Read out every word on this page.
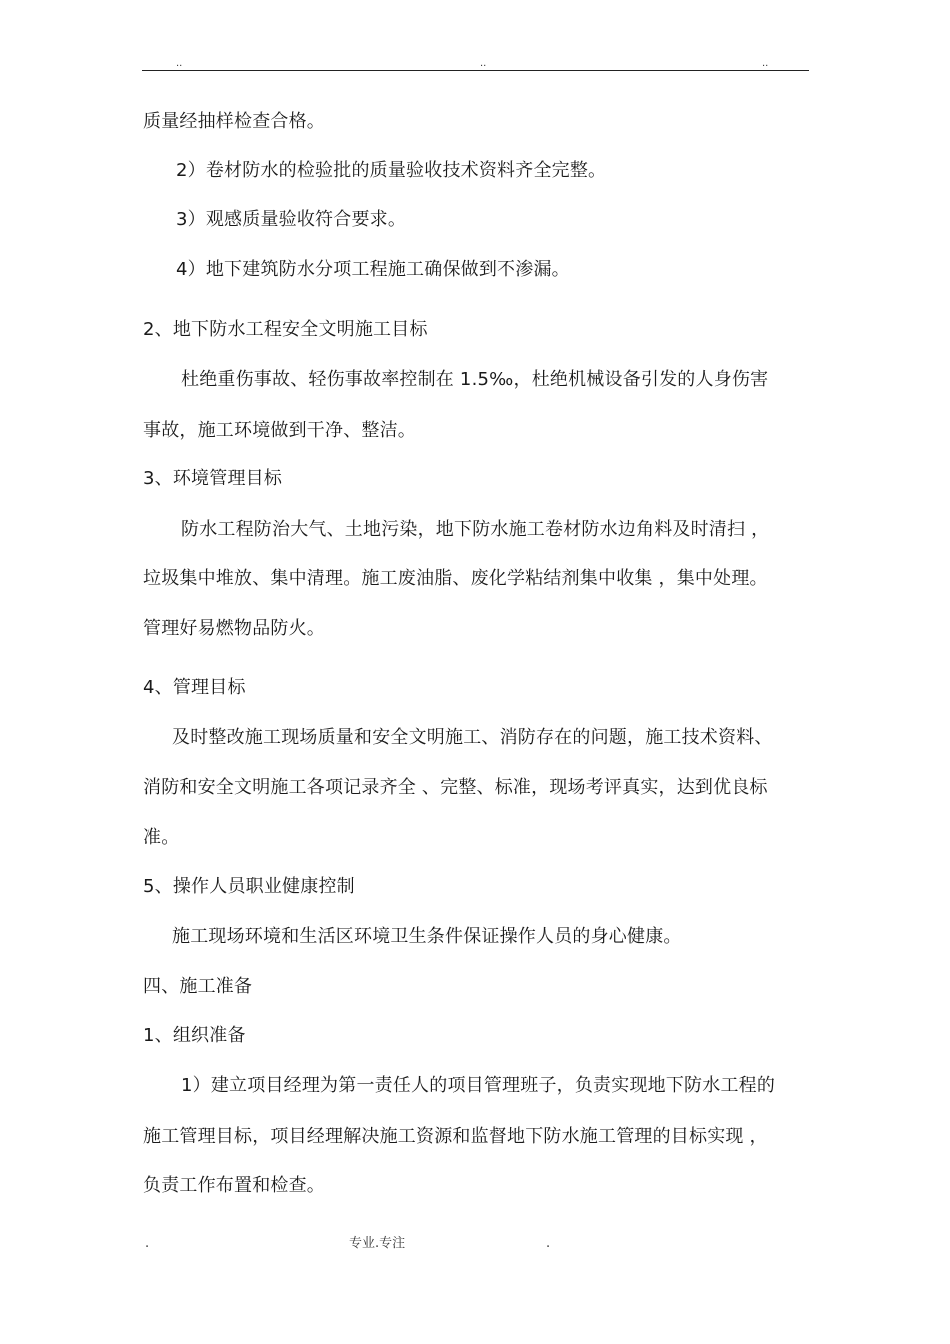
..	..	..
质量经抽样检查合格。
2）卷材防水的检验批的质量验收技术资料齐全完整。
3）观感质量验收符合要求。
4）地下建筑防水分项工程施工确保做到不渗漏。
2、地下防水工程安全文明施工目标
杜绝重伤事故、轻伤事故率控制在 1.5‰，杜绝机械设备引发的人身伤害
事故，施工环境做到干净、整洁。
3、环境管理目标
防水工程防治大气、土地污染，地下防水施工卷材防水边角料及时清扫 ，
垃圾集中堆放、集中清理。施工废油脂、废化学粘结剂集中收集 ，集中处理。
管理好易燃物品防火。
4、管理目标
及时整改施工现场质量和安全文明施工、消防存在的问题，施工技术资料、
消防和安全文明施工各项记录齐全 、完整、标准，现场考评真实，达到优良标
准。
5、操作人员职业健康控制
施工现场环境和生活区环境卫生条件保证操作人员的身心健康。
四、施工准备
1、组织准备
1）建立项目经理为第一责任人的项目管理班子，负责实现地下防水工程的
施工管理目标，项目经理解决施工资源和监督地下防水施工管理的目标实现 ，
负责工作布置和检查。
.	专业.专注	.
